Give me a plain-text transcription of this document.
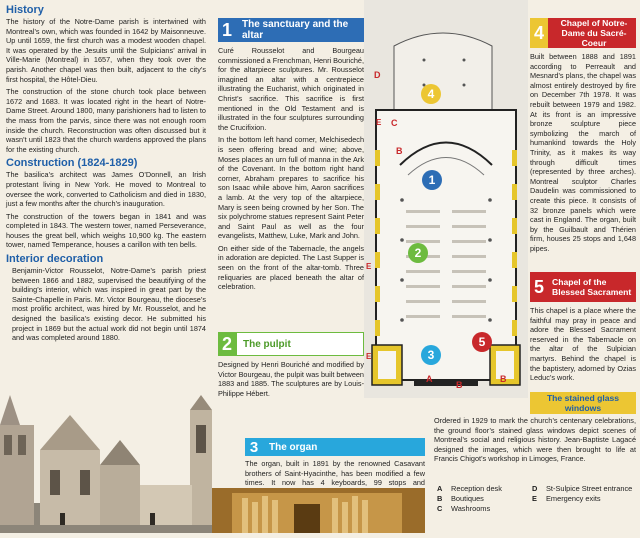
History

The history of the Notre-Dame parish is intertwined with Montreal’s own, which was founded in 1642 by Maisonneuve. Up until 1659, the first church was a modest wooden chapel. It was operated by the Jesuits until the Sulpicians’ arrival in Ville-Marie (Montreal) in 1657, when they took over the parish. Another chapel was then built, adjacent to the city’s first hospital, the Hôtel-Dieu.

The construction of the stone church took place between 1672 and 1683. It was located right in the heart of Notre-Dame Street. Around 1800, many parishioners had to listen to the mass from the parvis, since there was not enough room inside the church. Reconstruction was often discussed but it wasn’t until 1823 that the church wardens approved the plans for the existing church.

Construction (1824-1829)

The basilica’s architect was James O’Donnell, an Irish protestant living in New York. He moved to Montreal to oversee the work, converted to Catholicism and died in 1830, just a few months after the church’s inauguration.

The construction of the towers began in 1841 and was completed in 1843. The western tower, named Perseverance, houses the great bell, which weighs 10,900 kg. The eastern tower, named Temperance, houses a carillon with ten bells.

Interior decoration

Benjamin-Victor Rousselot, Notre-Dame’s parish priest between 1866 and 1882, supervised the beautifying of the building’s interior, which was inspired in great part by the Sainte-Chapelle in Paris. Mr. Victor Bourgeau, the diocese’s most prolific architect, was hired by Mr. Rousselot, and he designed the basilica’s existing decor. He submitted his project in 1869 but the actual work did not begin until 1874 and was completed around 1880.

1	The sanctuary and the altar

Curé Rousselot and Bourgeau commissioned a Frenchman, Henri Bouriché, for the altarpiece sculptures. Mr. Rousselot imagined an altar with a centrepiece illustrating the Eucharist, which originated in Christ’s sacrifice. This sacrifice is first mentioned in the Old Testament and is illustrated in the four sculptures surrounding the Crucifixion.

In the bottom left hand corner, Melchisedech is seen offering bread and wine; above, Moses places an urn full of manna in the Ark of the Covenant. In the bottom right hand corner, Abraham prepares to sacrifice his son Isaac while above him, Aaron sacrifices a lamb. At the very top of the altarpiece, Mary is seen being crowned by her Son. The six polychrome statues represent Saint Peter and Saint Paul as well as the four evangelists, Matthew, Luke, Mark and John.

On either side of the Tabernacle, the angels in adoration are depicted. The Last Supper is seen on the front of the altar-tomb. Three reliquaries are placed beneath the altar of celebration.

2	The pulpit

Designed by Henri Bouriché and modified by Victor Bourgeau, the pulpit was built between 1883 and 1885. The sculptures are by Louis-Philippe Hébert.

3	The organ

The organ, built in 1891 by the renowned Casavant brothers of Saint-Hyacinthe, has been modified a few times. It now has 4 keyboards, 99 stops and

4
1
2
3
5
D
E C
B
E
E
A	B
B
4	Chapel of Notre-Dame du Sacré-Coeur

Built between 1888 and 1891 according to Perreault and Mesnard’s plans, the chapel was almost entirely destroyed by fire on December 7th 1978. It was rebuilt between 1979 and 1982. At its front is an impressive bronze sculpture piece symbolizing the march of humankind towards the Holy Trinity, as it makes its way through difficult times (represented by three arches). Montreal sculptor Charles Daudelin was commissioned to create this piece. It consists of 32 bronze panels which were cast in England. The organ, built by the Guilbault and Thérien firm, houses 25 stops and 1,648 pipes.

5 Chapel of the Blessed Sacrament

This chapel is a place where the faithful may pray in peace and adore the Blessed Sacrament reserved in the Tabernacle on the altar of the Sulpician martyrs. Behind the chapel is the baptistery, adorned by Ozias Leduc’s work.

The stained glass windows

Ordered in 1929 to mark the church’s centenary celebrations, the ground floor’s stained glass windows depict scenes of Montreal’s social and religious history. Jean-Baptiste Lagacé designed the images, which were then brought to life at Francis Chigot’s workshop in Limoges, France.

A	Reception desk
B	Boutiques
C	Washrooms
D	St-Sulpice Street entrance
E	Emergency exits
